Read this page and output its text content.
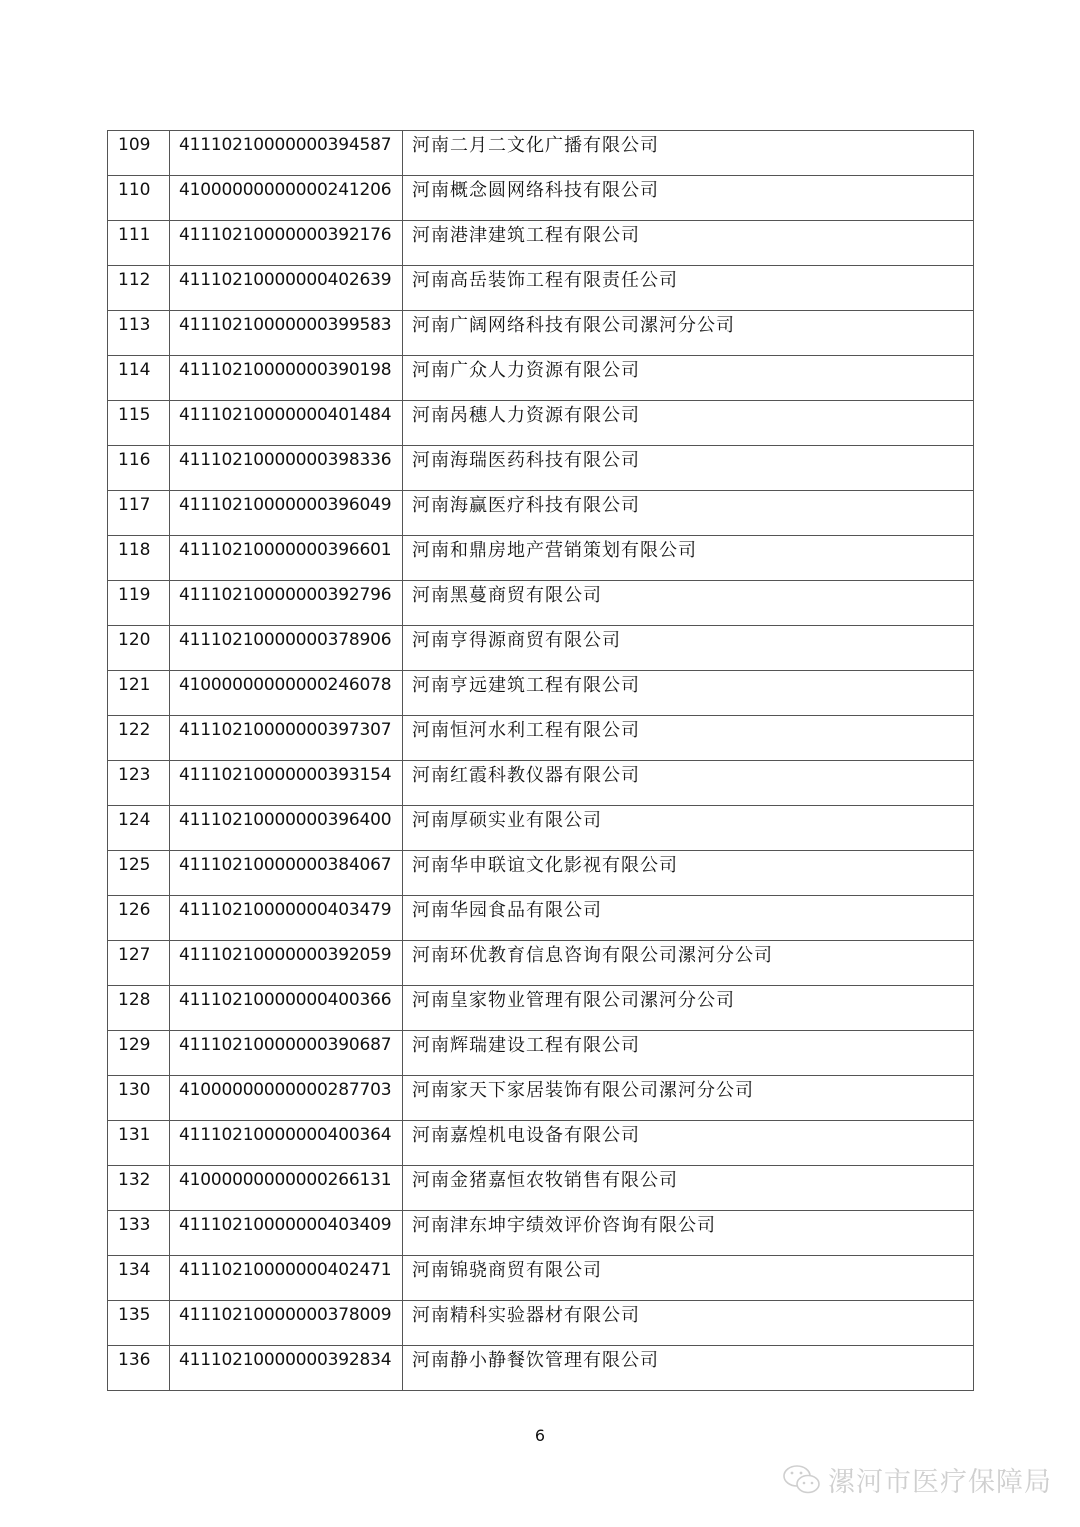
109	41110210000000394587	河南二月二文化广播有限公司

110	41000000000000241206	河南概念圆网络科技有限公司

111	41110210000000392176	河南港津建筑工程有限公司

112	41110210000000402639	河南高岳装饰工程有限责任公司

113	41110210000000399583	河南广阔网络科技有限公司漯河分公司

114	41110210000000390198	河南广众人力资源有限公司

115	41110210000000401484	河南呙穗人力资源有限公司

116	41110210000000398336	河南海瑞医药科技有限公司

117	41110210000000396049	河南海赢医疗科技有限公司

118	41110210000000396601	河南和鼎房地产营销策划有限公司

119	41110210000000392796	河南黑蔓商贸有限公司

120	41110210000000378906	河南亨得源商贸有限公司

121	41000000000000246078	河南亨远建筑工程有限公司

122	41110210000000397307	河南恒河水利工程有限公司

123	41110210000000393154	河南红霞科教仪器有限公司

124	41110210000000396400	河南厚硕实业有限公司

125	41110210000000384067	河南华申联谊文化影视有限公司

126	41110210000000403479	河南华园食品有限公司

127	41110210000000392059	河南环优教育信息咨询有限公司漯河分公司

128	41110210000000400366	河南皇家物业管理有限公司漯河分公司

129	41110210000000390687	河南辉瑞建设工程有限公司

130	41000000000000287703	河南家天下家居装饰有限公司漯河分公司

131	41110210000000400364	河南嘉煌机电设备有限公司

132	41000000000000266131	河南金猪嘉恒农牧销售有限公司

133	41110210000000403409	河南津东坤宇绩效评价咨询有限公司

134	41110210000000402471	河南锦骁商贸有限公司

135	41110210000000378009	河南精科实验器材有限公司

136	41110210000000392834	河南静小静餐饮管理有限公司
6
漯河市医疗保障局
